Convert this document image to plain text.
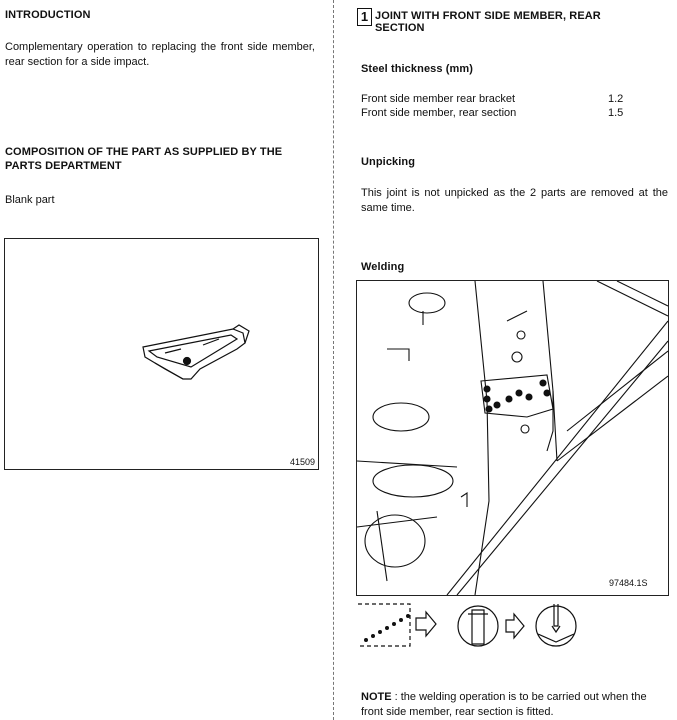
INTRODUCTION
Complementary operation to replacing the front side member, rear section for a side impact.
COMPOSITION OF THE PART AS SUPPLIED BY THE
PARTS DEPARTMENT
Blank part
41509
1 JOINT WITH FRONT SIDE MEMBER, REAR
SECTION
Steel thickness (mm)
Front side member rear bracket	1.2
Front side member, rear section	1.5
Unpicking
This joint is not unpicked as the 2 parts are removed at the same time.
Welding
97484.1S
NOTE : the welding operation is to be carried out when the front side member, rear section is fitted.
